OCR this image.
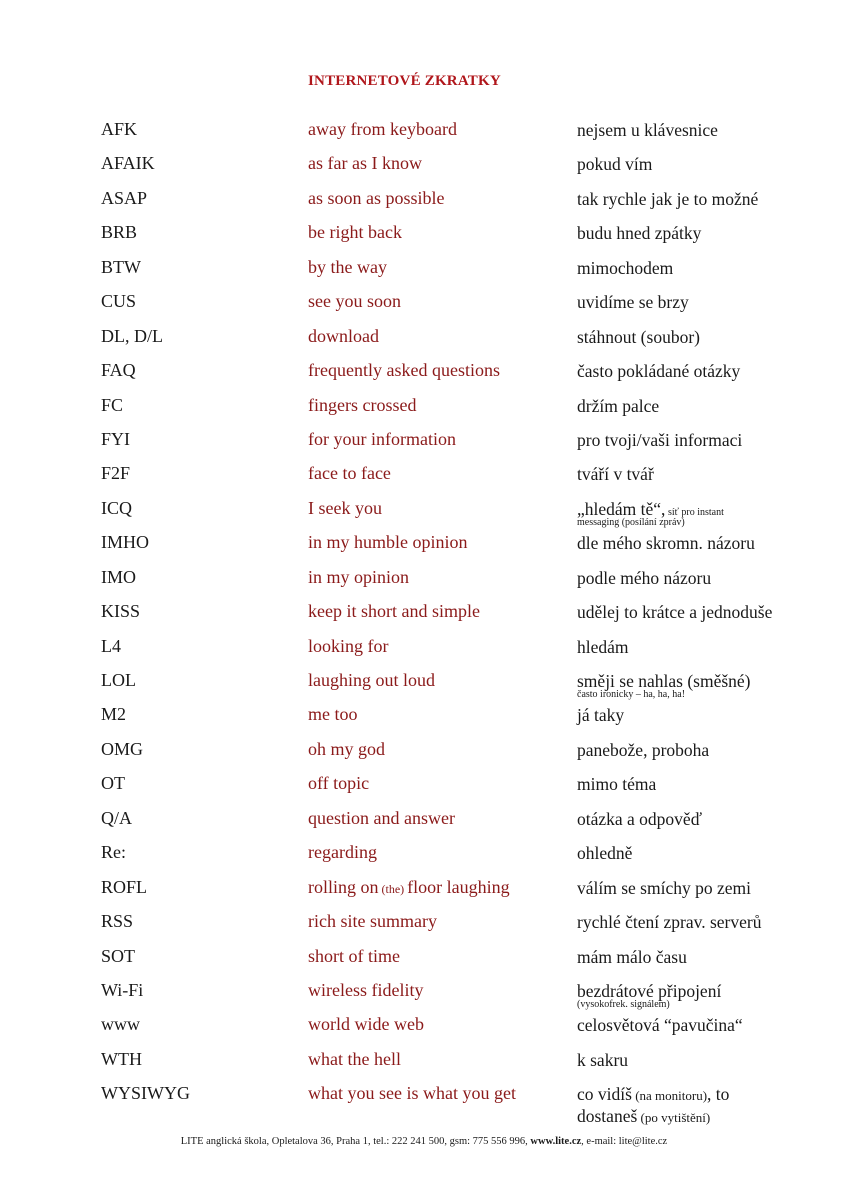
INTERNETOVÉ ZKRATKY
AFK	away from keyboard	nejsem u klávesnice
AFAIK	as far as I know	pokud vím
ASAP	as soon as possible	tak rychle jak je to možné
BRB	be right back	budu hned zpátky
BTW	by the way	mimochodem
CUS	see you soon	uvidíme se brzy
DL, D/L	download	stáhnout (soubor)
FAQ	frequently asked questions	často pokládané otázky
FC	fingers crossed	držím palce
FYI	for your information	pro tvoji/vaši informaci
F2F	face to face	tváří v tvář
ICQ	I seek you	„hledám tě“, síť pro instant
messaging (posílání zpráv)
IMHO	in my humble opinion	dle mého skromn. názoru
IMO	in my opinion	podle mého názoru
KISS	keep it short and simple	udělej to krátce a jednoduše
L4	looking for	hledám
LOL	laughing out loud	směji se nahlas (směšné)
často ironicky – ha, ha, ha!
M2	me too	já taky
OMG	oh my god	panebože, proboha
OT	off topic	mimo téma
Q/A	question and answer	otázka a odpověď
Re:	regarding	ohledně
ROFL	rolling on (the) floor laughing	válím se smíchy po zemi
RSS	rich site summary	rychlé čtení zprav. serverů
SOT	short of time	mám málo času
Wi-Fi	wireless fidelity	bezdrátové připojení
(vysokofrek. signálem)
www	world wide web	celosvětová “pavučina“
WTH	what the hell	k sakru
WYSIWYG	what you see is what you get	co vidíš (na monitoru), to
dostaneš (po vytištění)
LITE anglická škola, Opletalova 36, Praha 1, tel.: 222 241 500, gsm: 775 556 996, www.lite.cz, e-mail: lite@lite.cz
